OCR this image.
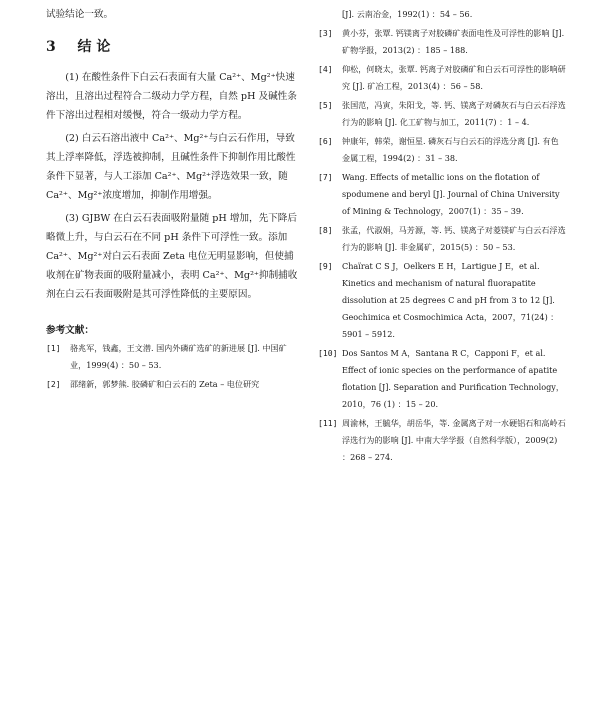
试验结论一致。
3 结 论
(1) 在酸性条件下白云石表面有大量 Ca²⁺、Mg²⁺快速溶出，且溶出过程符合二级动力学方程，自然 pH 及碱性条件下溶出过程相对缓慢，符合一级动力学方程。
(2) 白云石溶出液中 Ca²⁺、Mg²⁺与白云石作用，导致其上浮率降低，浮选被抑制，且碱性条件下抑制作用比酸性条件下显著，与人工添加 Ca²⁺、Mg²⁺浮选效果一致，随 Ca²⁺、Mg²⁺浓度增加，抑制作用增强。
(3) GJBW 在白云石表面吸附量随 pH 增加，先下降后略微上升，与白云石在不同 pH 条件下可浮性一致。添加 Ca²⁺、Mg²⁺对白云石表面 Zeta 电位无明显影响，但使捕收剂在矿物表面的吸附量减小，表明 Ca²⁺、Mg²⁺抑制捕收剂在白云石表面吸附是其可浮性降低的主要原因。
参考文献：
[1] 骆兆军，钱鑫，王文潜. 国内外磷矿选矿的新进展 [J]. 中国矿业，1999(4) ：50 – 53.
[2] 邵绪新，郭梦熊. 胶磷矿和白云石的 Zeta – 电位研究
[J]. 云南冶金，1992(1) ：54 – 56.
[3] 黄小芬，张覃. 钙镁离子对胶磷矿表面电性及可浮性的影响 [J]. 矿物学报，2013(2) ：185 – 188.
[4] 仰松，何晓太，张覃. 钙离子对胶磷矿和白云石可浮性的影响研究 [J]. 矿冶工程，2013(4) ：56 – 58.
[5] 张国范，冯寅，朱阳戈，等. 钙、镁离子对磷灰石与白云石浮选行为的影响 [J]. 化工矿物与加工，2011(7) ：1 – 4.
[6] 钟康年，韩荣，谢恒星. 磷灰石与白云石的浮选分离 [J]. 有色金属工程，1994(2) ：31 – 38.
[7] Wang. Effects of metallic ions on the flotation of spodumene and beryl [J]. Journal of China University of Mining & Technology，2007(1) ：35 – 39.
[8] 张孟，代淑娟，马芳源，等. 钙、镁离子对菱镁矿与白云石浮选行为的影响 [J]. 非金属矿，2015(5) ：50 – 53.
[9] Chaïrat C S J，Oelkers E H，Lartigue J E，et al. Kinetics and mechanism of natural fluorapatite dissolution at 25 degrees C and pH from 3 to 12 [J]. Geochimica et Cosmochimica Acta，2007，71(24) ：5901 – 5912.
[10] Dos Santos M A，Santana R C，Capponi F，et al. Effect of ionic species on the performance of apatite flotation [J]. Separation and Purification Technology，2010，76 (1) ：15 – 20.
[11] 周渝林，王毓华，胡岳华，等. 金属离子对一水硬铝石和高岭石浮选行为的影响 [J]. 中南大学学报（自然科学版），2009(2) ：268 – 274.
